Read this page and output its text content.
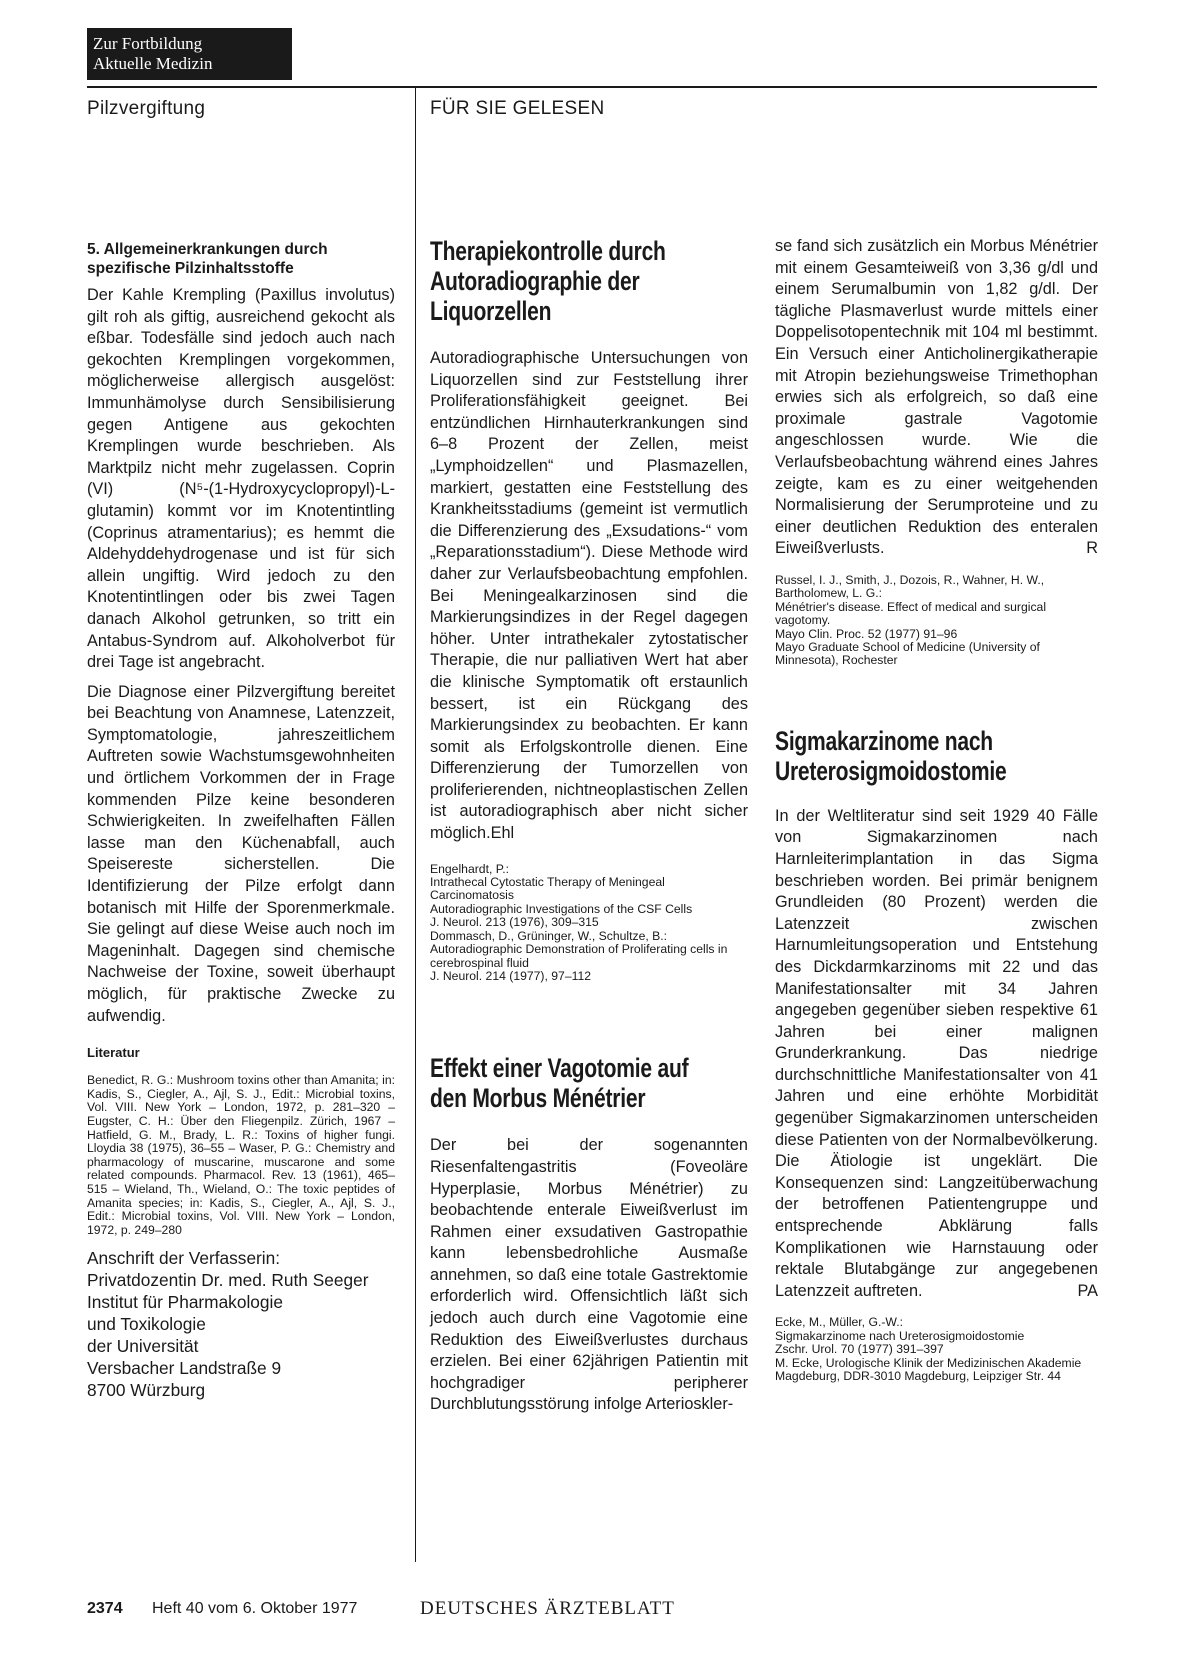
Zur Fortbildung
Aktuelle Medizin
Pilzvergiftung	FÜR SIE GELESEN

5. Allgemeinerkrankungen durch spezifische Pilzinhaltsstoffe

Der Kahle Krempling (Paxillus involutus) gilt roh als giftig, ausreichend gekocht als eßbar. Todesfälle sind jedoch auch nach gekochten Kremplingen vorgekommen, möglicherweise allergisch ausgelöst: Immunhämolyse durch Sensibilisierung gegen Antigene aus gekochten Kremplingen wurde beschrieben. Als Marktpilz nicht mehr zugelassen. Coprin (VI) (N⁵-(1-Hydroxycyclopropyl)-L-glutamin) kommt vor im Knotentintling (Coprinus atramentarius); es hemmt die Aldehyddehydrogenase und ist für sich allein ungiftig. Wird jedoch zu den Knotentintlingen oder bis zwei Tagen danach Alkohol getrunken, so tritt ein Antabus-Syndrom auf. Alkoholverbot für drei Tage ist angebracht.

Die Diagnose einer Pilzvergiftung bereitet bei Beachtung von Anamnese, Latenzzeit, Symptomatologie, jahreszeitlichem Auftreten sowie Wachstumsgewohnheiten und örtlichem Vorkommen der in Frage kommenden Pilze keine besonderen Schwierigkeiten. In zweifelhaften Fällen lasse man den Küchenabfall, auch Speisereste sicherstellen. Die Identifizierung der Pilze erfolgt dann botanisch mit Hilfe der Sporenmerkmale. Sie gelingt auf diese Weise auch noch im Mageninhalt. Dagegen sind chemische Nachweise der Toxine, soweit überhaupt möglich, für praktische Zwecke zu aufwendig.

Literatur

Benedict, R. G.: Mushroom toxins other than Amanita; in: Kadis, S., Ciegler, A., Ajl, S. J., Edit.: Microbial toxins, Vol. VIII. New York – London, 1972, p. 281–320 – Eugster, C. H.: Über den Fliegenpilz. Zürich, 1967 – Hatfield, G. M., Brady, L. R.: Toxins of higher fungi. Lloydia 38 (1975), 36–55 – Waser, P. G.: Chemistry and pharmacology of muscarine, muscarone and some related compounds. Pharmacol. Rev. 13 (1961), 465–515 – Wieland, Th., Wieland, O.: The toxic peptides of Amanita species; in: Kadis, S., Ciegler, A., Ajl, S. J., Edit.: Microbial toxins, Vol. VIII. New York – London, 1972, p. 249–280

Anschrift der Verfasserin:

Privatdozentin Dr. med. Ruth Seeger

Institut für Pharmakologie

und Toxikologie

der Universität

Versbacher Landstraße 9

8700 Würzburg

Therapiekontrolle durch Autoradiographie der Liquorzellen

Autoradiographische Untersuchungen von Liquorzellen sind zur Feststellung ihrer Proliferationsfähigkeit geeignet. Bei entzündlichen Hirnhauterkrankungen sind 6–8 Prozent der Zellen, meist „Lymphoidzellen“ und Plasmazellen, markiert, gestatten eine Feststellung des Krankheitsstadiums (gemeint ist vermutlich die Differenzierung des „Exsudations-“ vom „Reparationsstadium“). Diese Methode wird daher zur Verlaufsbeobachtung empfohlen. Bei Meningealkarzinosen sind die Markierungsindizes in der Regel dagegen höher. Unter intrathekaler zytostatischer Therapie, die nur palliativen Wert hat aber die klinische Symptomatik oft erstaunlich bessert, ist ein Rückgang des Markierungsindex zu beobachten. Er kann somit als Erfolgskontrolle dienen. Eine Differenzierung der Tumorzellen von proliferierenden, nichtneoplastischen Zellen ist autoradiographisch aber nicht sicher möglich.Ehl

Engelhardt, P.:
Intrathecal Cytostatic Therapy of Meningeal Carcinomatosis
Autoradiographic Investigations of the CSF Cells
J. Neurol. 213 (1976), 309–315
Dommasch, D., Grüninger, W., Schultze, B.:
Autoradiographic Demonstration of Proliferating cells in cerebrospinal fluid
J. Neurol. 214 (1977), 97–112
Effekt einer Vagotomie auf den Morbus Ménétrier

Der bei der sogenannten Riesenfaltengastritis (Foveoläre Hyperplasie, Morbus Ménétrier) zu beobachtende enterale Eiweißverlust im Rahmen einer exsudativen Gastropathie kann lebensbedrohliche Ausmaße annehmen, so daß eine totale Gastrektomie erforderlich wird. Offensichtlich läßt sich jedoch auch durch eine Vagotomie eine Reduktion des Eiweißverlustes durchaus erzielen. Bei einer 62jährigen Patientin mit hochgradiger peripherer Durchblutungsstörung infolge Arterioskler-

se fand sich zusätzlich ein Morbus Ménétrier mit einem Gesamteiweiß von 3,36 g/dl und einem Serumalbumin von 1,82 g/dl. Der tägliche Plasmaverlust wurde mittels einer Doppelisotopentechnik mit 104 ml bestimmt. Ein Versuch einer Anticholinergikatherapie mit Atropin beziehungsweise Trimethophan erwies sich als erfolgreich, so daß eine proximale gastrale Vagotomie angeschlossen wurde. Wie die Verlaufsbeobachtung während eines Jahres zeigte, kam es zu einer weitgehenden Normalisierung der Serumproteine und zu einer deutlichen Reduktion des enteralen Eiweißverlusts.	R

Russel, I. J., Smith, J., Dozois, R., Wahner, H. W., Bartholomew, L. G.:
Ménétrier's disease. Effect of medical and surgical vagotomy.
Mayo Clin. Proc. 52 (1977) 91–96
Mayo Graduate School of Medicine (University of Minnesota), Rochester
Sigmakarzinome nach Ureterosigmoidostomie

In der Weltliteratur sind seit 1929 40 Fälle von Sigmakarzinomen nach Harnleiterimplantation in das Sigma beschrieben worden. Bei primär benignem Grundleiden (80 Prozent) werden die Latenzzeit zwischen Harnumleitungsoperation und Entstehung des Dickdarmkarzinoms mit 22 und das Manifestationsalter mit 34 Jahren angegeben gegenüber sieben respektive 61 Jahren bei einer malignen Grunderkrankung. Das niedrige durchschnittliche Manifestationsalter von 41 Jahren und eine erhöhte Morbidität gegenüber Sigmakarzinomen unterscheiden diese Patienten von der Normalbevölkerung. Die Ätiologie ist ungeklärt. Die Konsequenzen sind: Langzeitüberwachung der betroffenen Patientengruppe und entsprechende Abklärung falls Komplikationen wie Harnstauung oder rektale Blutabgänge zur angegebenen Latenzzeit auftreten.	PA

Ecke, M., Müller, G.-W.:
Sigmakarzinome nach Ureterosigmoidostomie
Zschr. Urol. 70 (1977) 391–397
M. Ecke, Urologische Klinik der Medizinischen Akademie Magdeburg, DDR-3010 Magdeburg, Leipziger Str. 44
2374 Heft 40 vom 6. Oktober 1977	DEUTSCHES ÄRZTEBLATT
